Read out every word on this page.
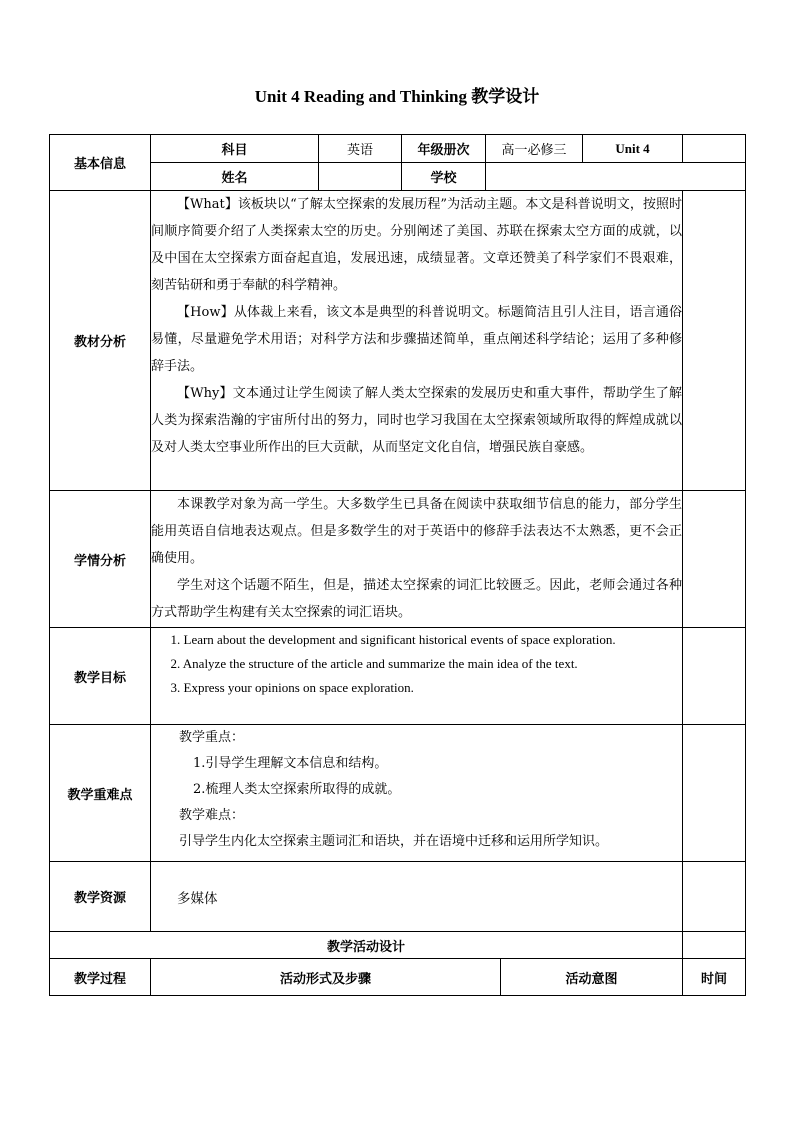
Unit 4 Reading and Thinking 教学设计
基本信息	科目	英语	年级册次	高一必修三		Unit 4	
	姓名		学校				
教材分析	【What】该板块以“了解太空探索的发展历程”为活动主题。本文是科普说明文，按照时间顺序简要介绍了人类探索太空的历史。分别阐述了美国、苏联在探索太空方面的成就，以及中国在太空探索方面奋起直追，发展迅速，成绩显著。文章还赞美了科学家们不畏艰难，刻苦钻研和勇于奉献的科学精神。

【How】从体裁上来看，该文本是典型的科普说明文。标题简洁且引人注目，语言通俗易懂，尽量避免学术用语；对科学方法和步骤描述简单，重点阐述科学结论；运用了多种修辞手法。

【Why】文本通过让学生阅读了解人类太空探索的发展历史和重大事件，帮助学生了解人类为探索浩瀚的宇宙所付出的努力，同时也学习我国在太空探索领域所取得的辉煌成就以及对人类太空事业所作出的巨大贡献，从而坚定文化自信，增强民族自豪感。						

学情分析	本课教学对象为高一学生。大多数学生已具备在阅读中获取细节信息的能力，部分学生能用英语自信地表达观点。但是多数学生的对于英语中的修辞手法表达不太熟悉，更不会正确使用。

学生对这个话题不陌生，但是，描述太空探索的词汇比较匮乏。因此，老师会通过各种方式帮助学生构建有关太空探索的词汇语块。						

教学目标	1. Learn about the development and significant historical events of space exploration.

2. Analyze the structure of the article and summarize the main idea of the text.

3. Express your opinions on space exploration.						

教学重难点	教学重点：

1.引导学生理解文本信息和结构。

2.梳理人类太空探索所取得的成就。

教学难点：

引导学生内化太空探索主题词汇和语块，并在语境中迁移和运用所学知识。						

教学资源	多媒体						
教学活动设计							
教学过程	活动形式及步骤				活动意图		时间
